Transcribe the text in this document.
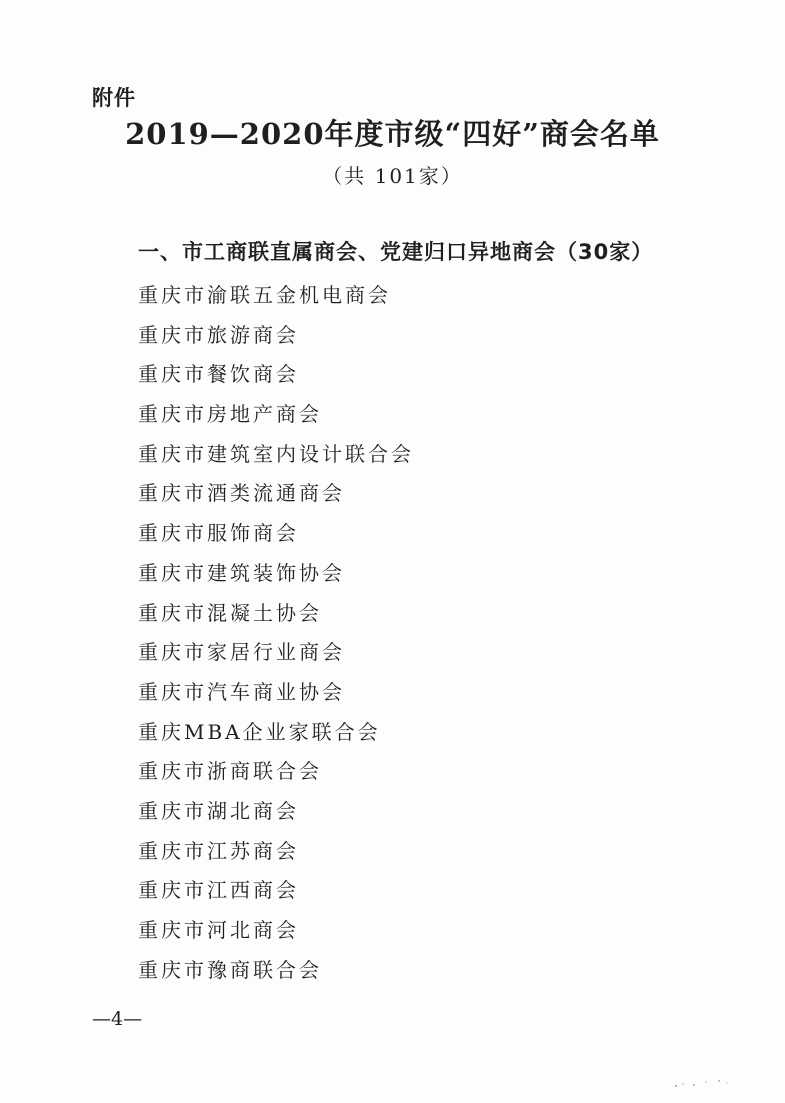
附件
2019—2020年度市级“四好”商会名单
（共 101家）
一、市工商联直属商会、党建归口异地商会（30家）
重庆市渝联五金机电商会
重庆市旅游商会
重庆市餐饮商会
重庆市房地产商会
重庆市建筑室内设计联合会
重庆市酒类流通商会
重庆市服饰商会
重庆市建筑装饰协会
重庆市混凝土协会
重庆市家居行业商会
重庆市汽车商业协会
重庆MBA企业家联合会
重庆市浙商联合会
重庆市湖北商会
重庆市江苏商会
重庆市江西商会
重庆市河北商会
重庆市豫商联合会
—4—
